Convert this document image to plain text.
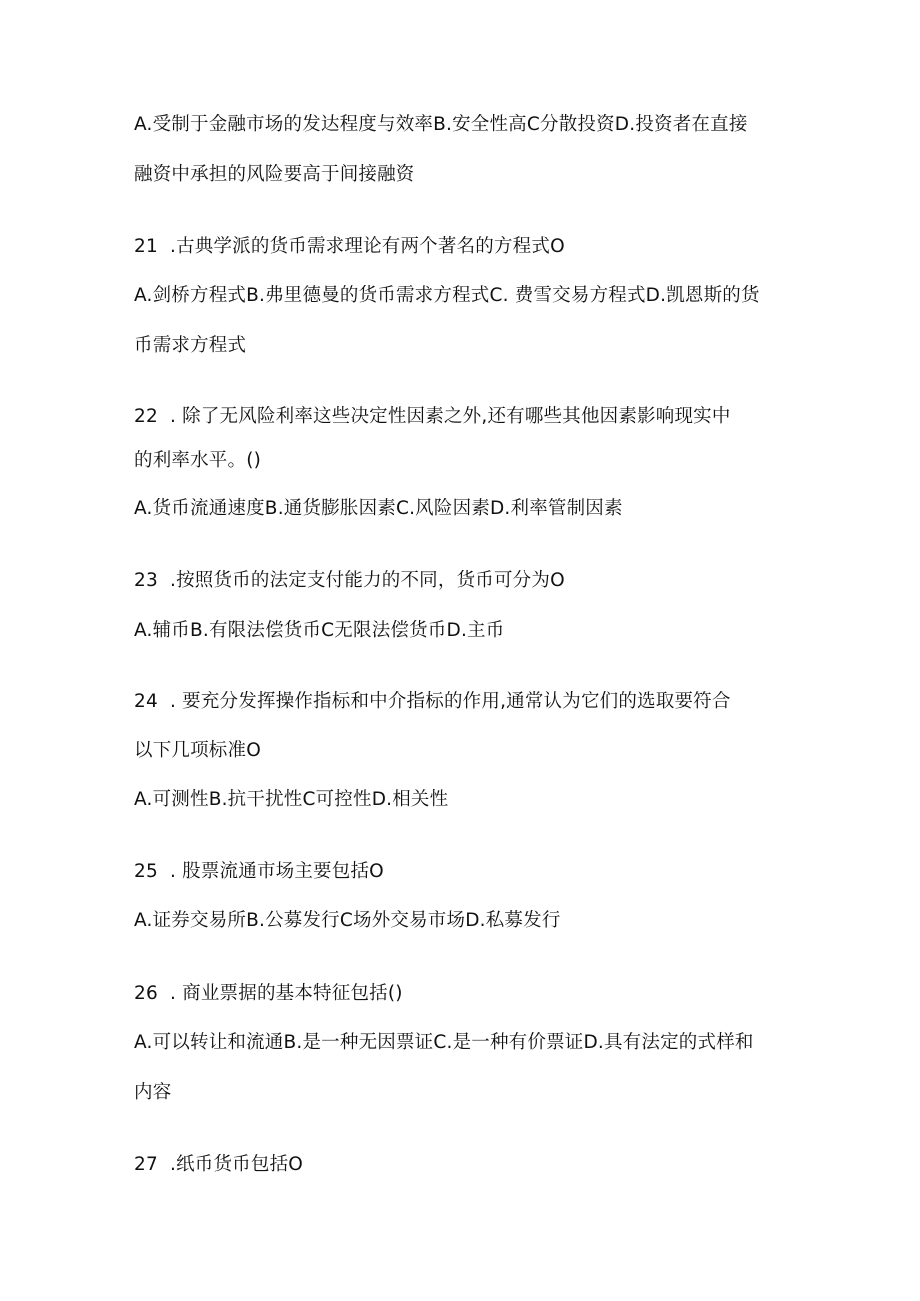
A.受制于金融市场的发达程度与效率B.安全性高C分散投资D.投资者在直接
融资中承担的风险要高于间接融资
21 .古典学派的货币需求理论有两个著名的方程式O
A.剑桥方程式B.弗里德曼的货币需求方程式C. 费雪交易方程式D.凯恩斯的货
币需求方程式
22 . 除了无风险利率这些决定性因素之外,还有哪些其他因素影响现实中
的利率水平。()
A.货币流通速度B.通货膨胀因素C.风险因素D.利率管制因素
23 .按照货币的法定支付能力的不同，货币可分为O
A.辅币B.有限法偿货币C无限法偿货币D.主币
24 . 要充分发挥操作指标和中介指标的作用,通常认为它们的选取要符合
以下几项标准O
A.可测性B.抗干扰性C可控性D.相关性
25 . 股票流通市场主要包括O
A.证券交易所B.公募发行C场外交易市场D.私募发行
26 . 商业票据的基本特征包括()
A.可以转让和流通B.是一种无因票证C.是一种有价票证D.具有法定的式样和
内容
27 .纸币货币包括O
